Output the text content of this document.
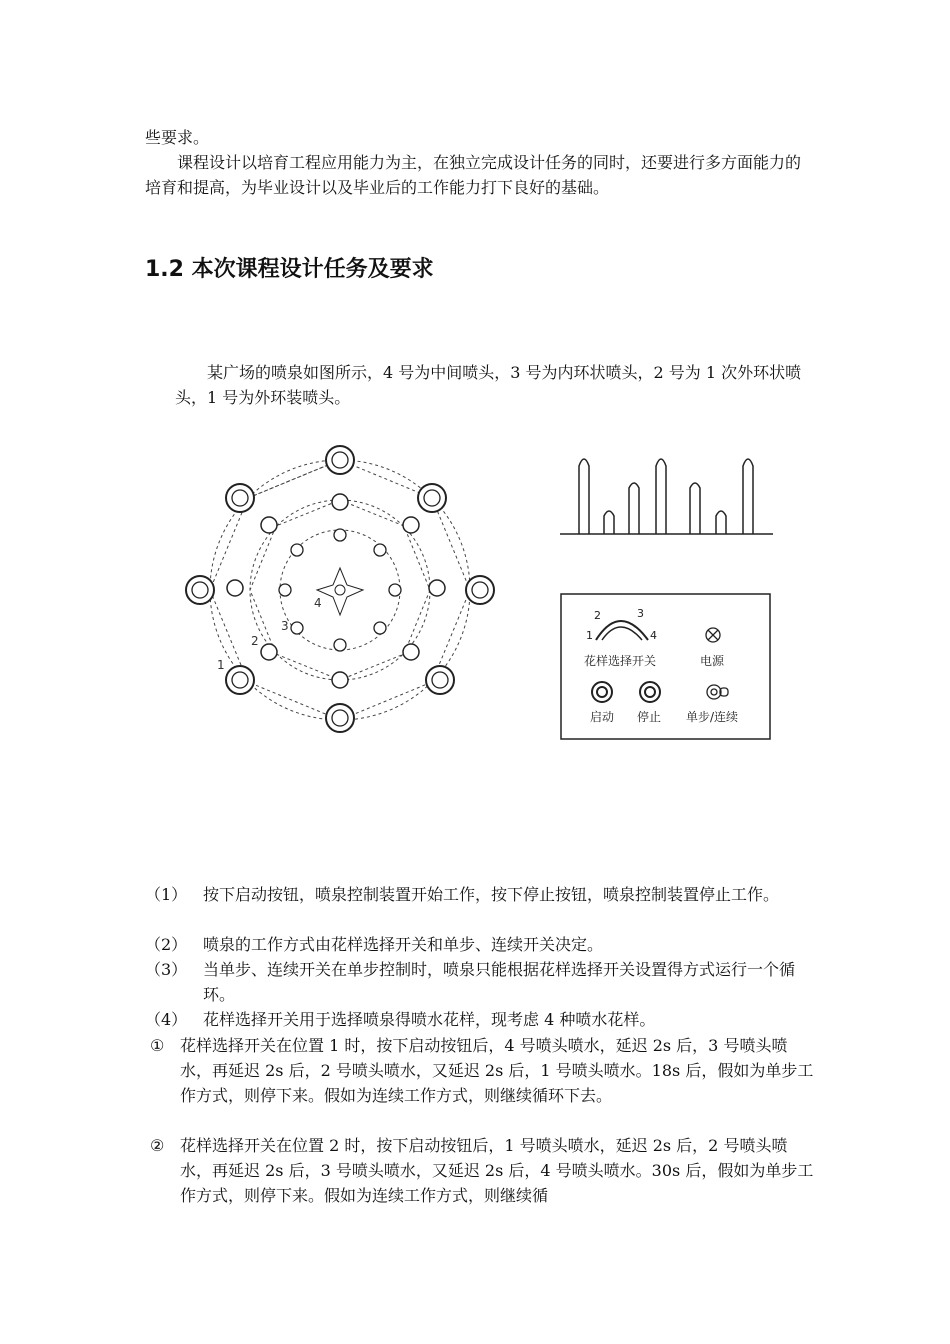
些要求。

课程设计以培育工程应用能力为主，在独立完成设计任务的同时，还要进行多方面能力的培育和提高，为毕业设计以及毕业后的工作能力打下良好的基础。

1.2 本次课程设计任务及要求

某广场的喷泉如图所示，4 号为中间喷头，3 号为内环状喷头，2 号为 1 次外环状喷头，1 号为外环装喷头。

1
2
3
4
1
2	3
4
花样选择开关	电源
启动 停止 单步/连续
（1） 按下启动按钮，喷泉控制装置开始工作，按下停止按钮，喷泉控制装置停止工作。
（2） 喷泉的工作方式由花样选择开关和单步、连续开关决定。
（3） 当单步、连续开关在单步控制时，喷泉只能根据花样选择开关设置得方式运行一个循环。
（4） 花样选择开关用于选择喷泉得喷水花样，现考虑 4 种喷水花样。
① 花样选择开关在位置 1 时，按下启动按钮后，4 号喷头喷水，延迟 2s 后，3 号喷头喷水，再延迟 2s 后，2 号喷头喷水，又延迟 2s 后，1 号喷头喷水。18s 后，假如为单步工作方式，则停下来。假如为连续工作方式，则继续循环下去。
② 花样选择开关在位置 2 时，按下启动按钮后，1 号喷头喷水，延迟 2s 后，2 号喷头喷水，再延迟 2s 后，3 号喷头喷水，又延迟 2s 后，4 号喷头喷水。30s 后，假如为单步工作方式，则停下来。假如为连续工作方式，则继续循
